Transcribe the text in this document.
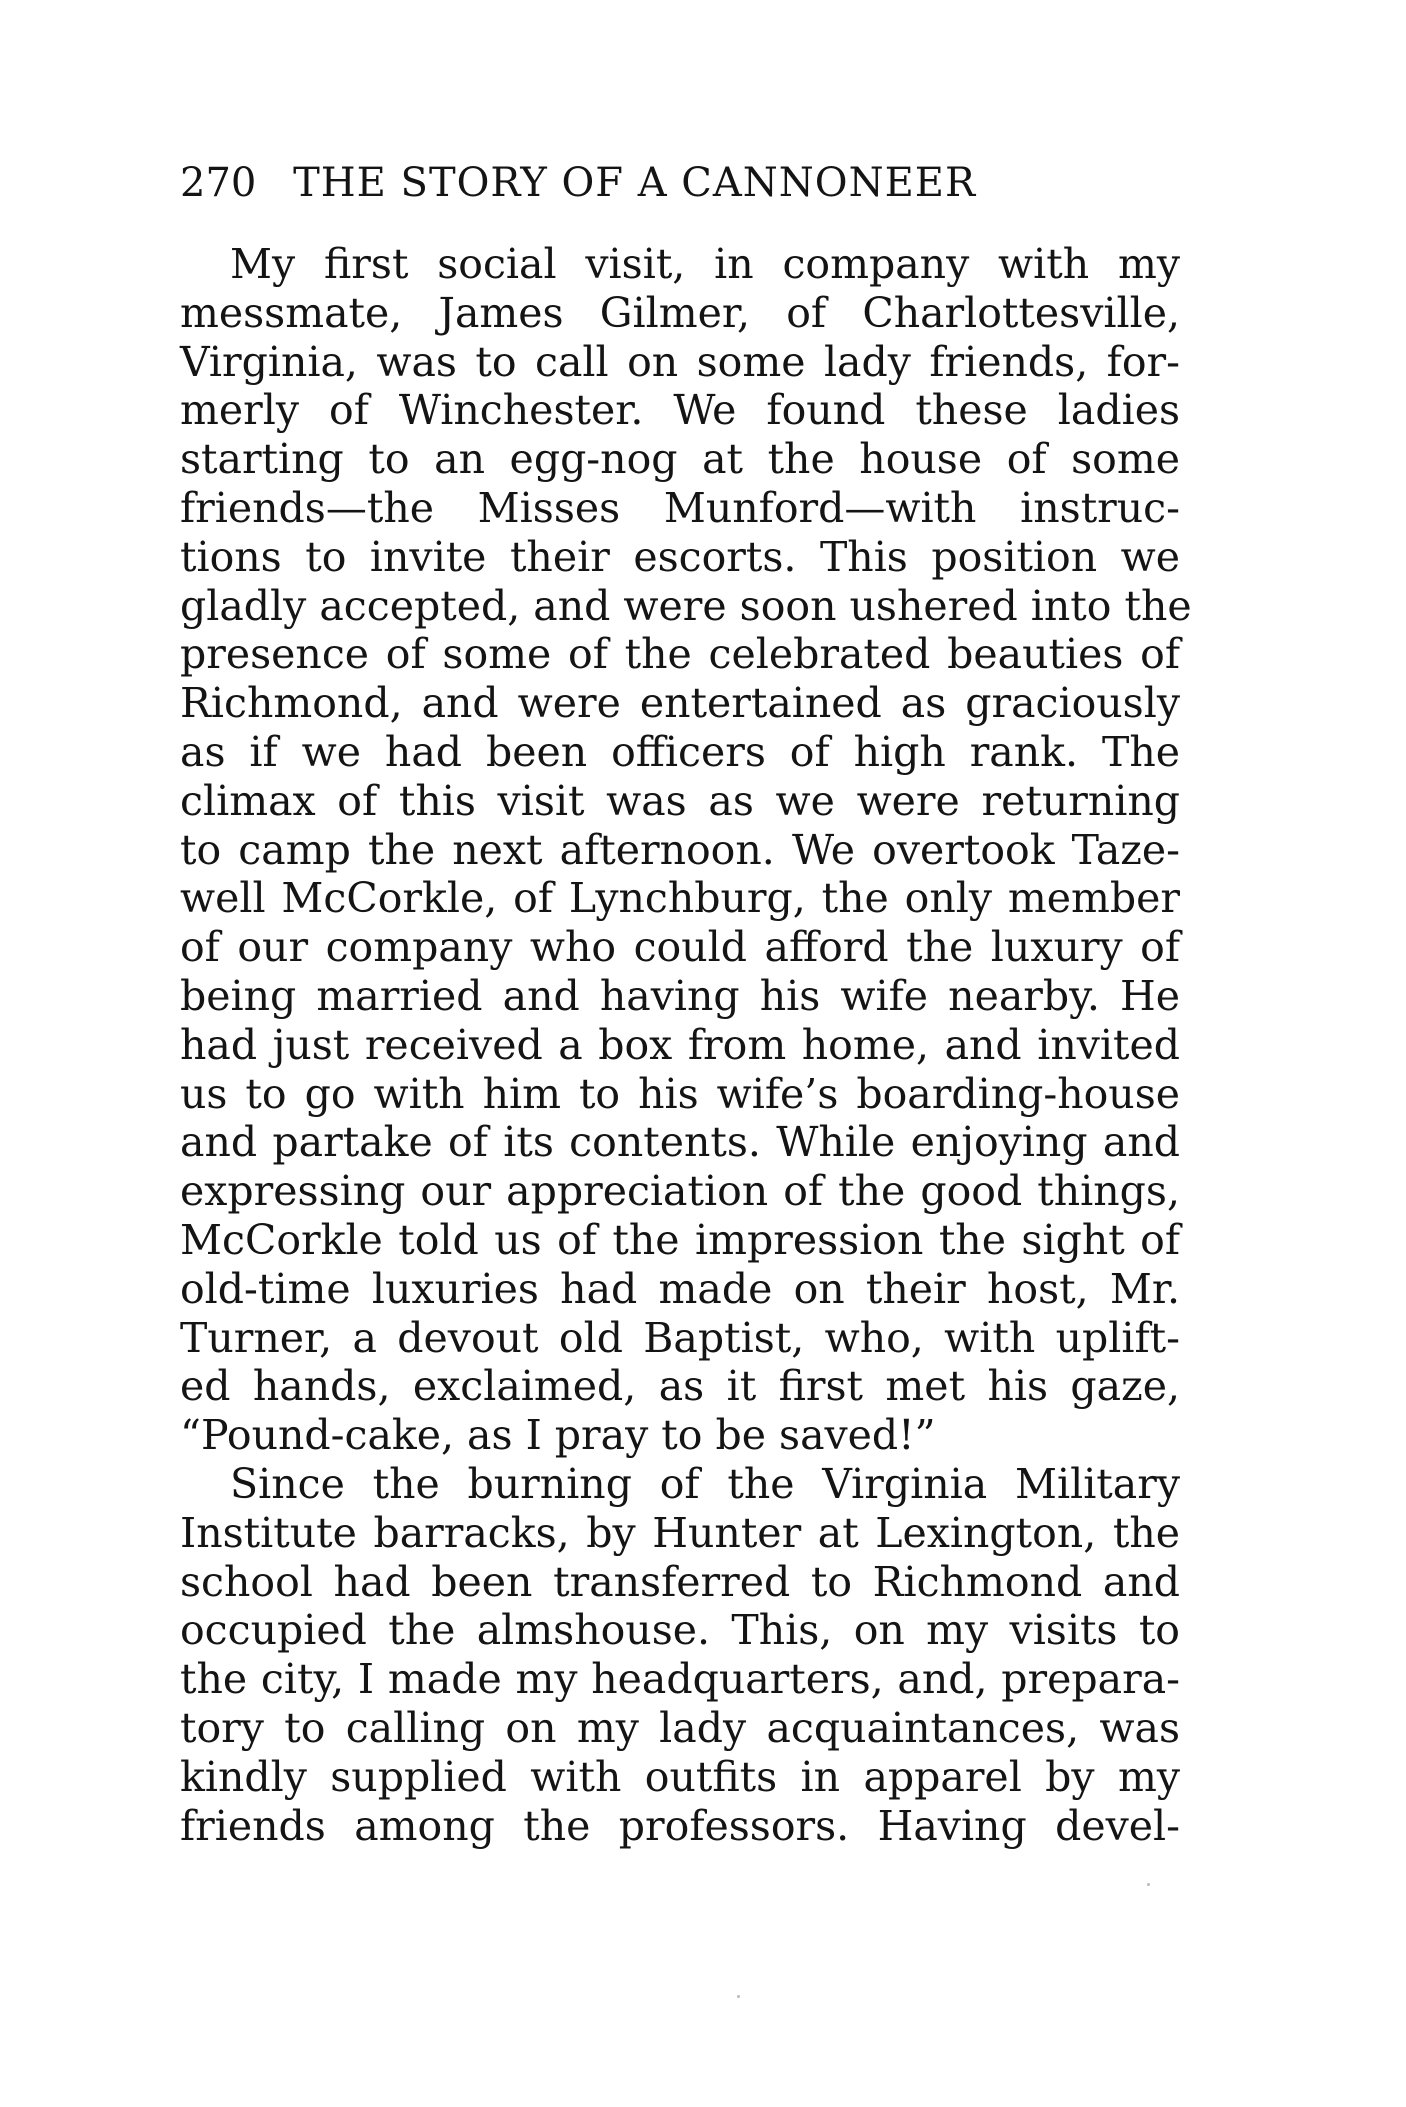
270 THE STORY OF A CANNONEER
My first social visit, in company with my
messmate, James Gilmer, of Charlottesville,
Virginia, was to call on some lady friends, for-
merly of Winchester. We found these ladies
starting to an egg-nog at the house of some
friends—the Misses Munford—with instruc-
tions to invite their escorts. This position we
gladly accepted, and were soon ushered into the
presence of some of the celebrated beauties of
Richmond, and were entertained as graciously
as if we had been officers of high rank. The
climax of this visit was as we were returning
to camp the next afternoon. We overtook Taze-
well McCorkle, of Lynchburg, the only member
of our company who could afford the luxury of
being married and having his wife nearby. He
had just received a box from home, and invited
us to go with him to his wife’s boarding-house
and partake of its contents. While enjoying and
expressing our appreciation of the good things,
McCorkle told us of the impression the sight of
old-time luxuries had made on their host, Mr.
Turner, a devout old Baptist, who, with uplift-
ed hands, exclaimed, as it first met his gaze,
“Pound-cake, as I pray to be saved!”
Since the burning of the Virginia Military
Institute barracks, by Hunter at Lexington, the
school had been transferred to Richmond and
occupied the almshouse. This, on my visits to
the city, I made my headquarters, and, prepara-
tory to calling on my lady acquaintances, was
kindly supplied with outfits in apparel by my
friends among the professors. Having devel-
